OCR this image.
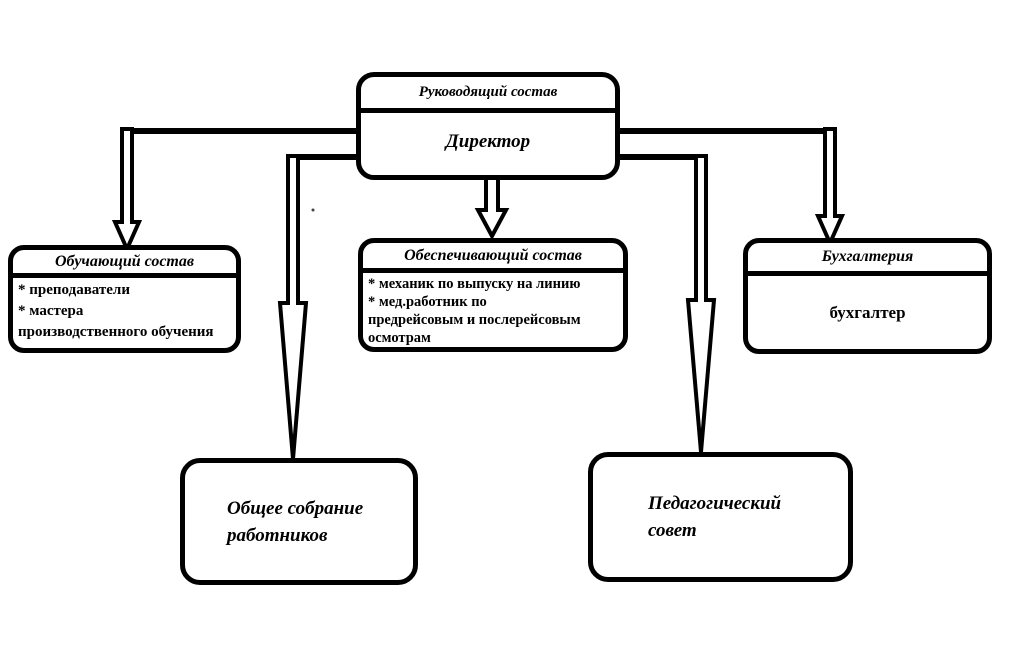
Руководящий состав
Директор
Обучающий состав
* преподаватели
* мастера
производственного обучения
Обеспечивающий состав
* механик по выпуску на линию
* мед.работник по
предрейсовым и послерейсовым
осмотрам
Бухгалтерия
бухгалтер
Общее собрание
работников
Педагогический
совет
